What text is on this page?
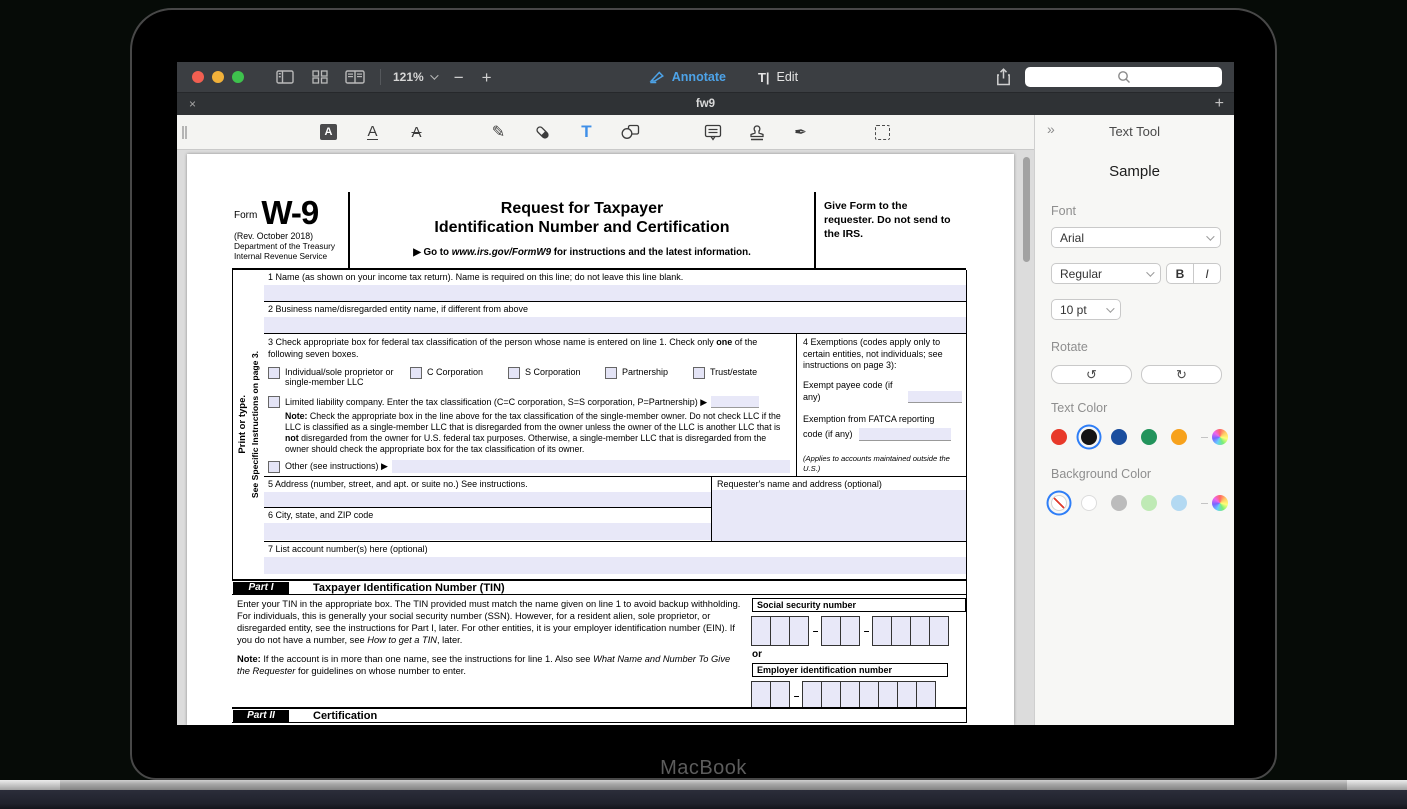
121% − +	Annotate T| Edit
×	fw9	+
A	A A	✎	T	✒
Form W-9
(Rev. October 2018)
Department of the Treasury
Internal Revenue Service
Request for Taxpayer
Identification Number and Certification
▶ Go to www.irs.gov/FormW9 for instructions and the latest information.
Give Form to the requester. Do not send to the IRS.
Print or type. See Specific Instructions on page 3.
1 Name (as shown on your income tax return). Name is required on this line; do not leave this line blank.
2 Business name/disregarded entity name, if different from above
3 Check appropriate box for federal tax classification of the person whose name is entered on line 1. Check only one of the following seven boxes.
Individual/sole proprietor or single-member LLC
C Corporation	S Corporation	Partnership	Trust/estate
Limited liability company. Enter the tax classification (C=C corporation, S=S corporation, P=Partnership) ▶
Note: Check the appropriate box in the line above for the tax classification of the single-member owner. Do not check LLC if the LLC is classified as a single-member LLC that is disregarded from the owner unless the owner of the LLC is another LLC that is not disregarded from the owner for U.S. federal tax purposes. Otherwise, a single-member LLC that is disregarded from the owner should check the appropriate box for the tax classification of its owner.
Other (see instructions) ▶
4 Exemptions (codes apply only to certain entities, not individuals; see instructions on page 3):
Exempt payee code (if any)
Exemption from FATCA reporting
code (if any)
(Applies to accounts maintained outside the U.S.)
5 Address (number, street, and apt. or suite no.) See instructions.
6 City, state, and ZIP code
Requester's name and address (optional)
7 List account number(s) here (optional)
Part I	Taxpayer Identification Number (TIN)
Enter your TIN in the appropriate box. The TIN provided must match the name given on line 1 to avoid backup withholding. For individuals, this is generally your social security number (SSN). However, for a resident alien, sole proprietor, or disregarded entity, see the instructions for Part I, later. For other entities, it is your employer identification number (EIN). If you do not have a number, see How to get a TIN, later.
Note: If the account is in more than one name, see the instructions for line 1. Also see What Name and Number To Give the Requester for guidelines on whose number to enter.
Social security number
–	–
or
Employer identification number
–
Part II	Certification
»	Text Tool
Sample
Font
Arial
Regular	B	I
10 pt
Rotate
↺	↻
Text Color
Background Color
MacBook
